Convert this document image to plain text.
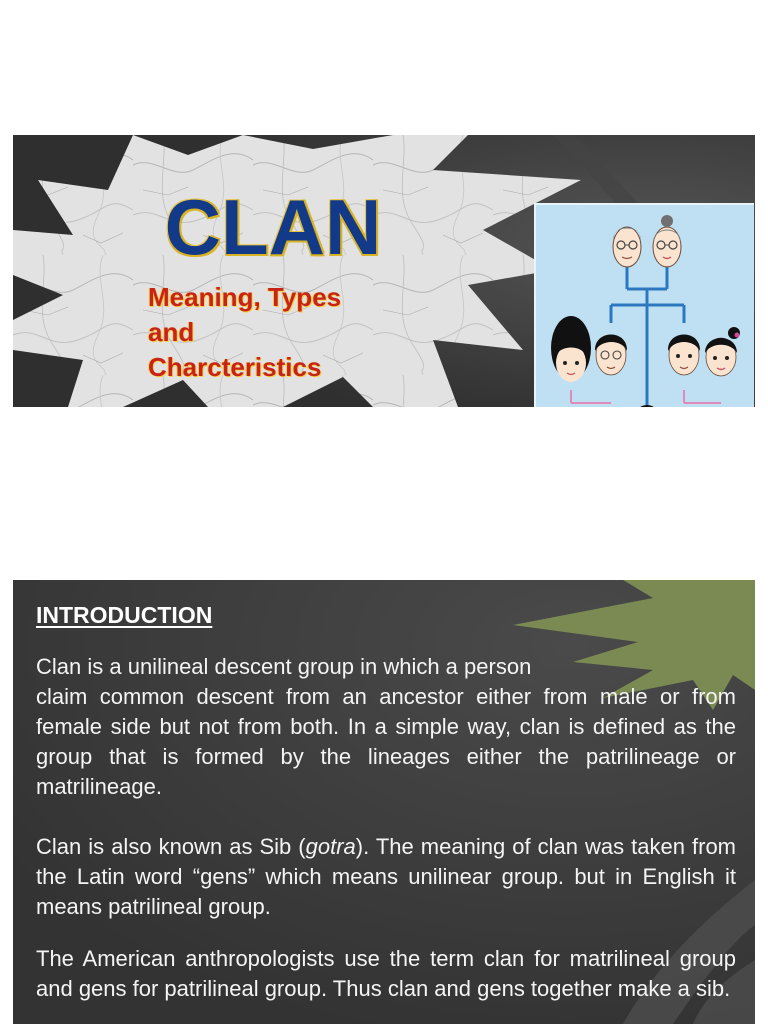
CLAN
Meaning, Types
and
Charcteristics
INTRODUCTION

Clan is a unilineal descent group in which a person
claim common descent from an ancestor either from male or from female side but not from both. In a simple way, clan is defined as the group that is formed by the lineages either the patrilineage or matrilineage.

Clan is also known as Sib (gotra). The meaning of clan was taken from the Latin word “gens” which means unilinear group. but in English it means patrilineal group.

The American anthropologists use the term clan for matrilineal group and gens for patrilineal group. Thus clan and gens together make a sib.
